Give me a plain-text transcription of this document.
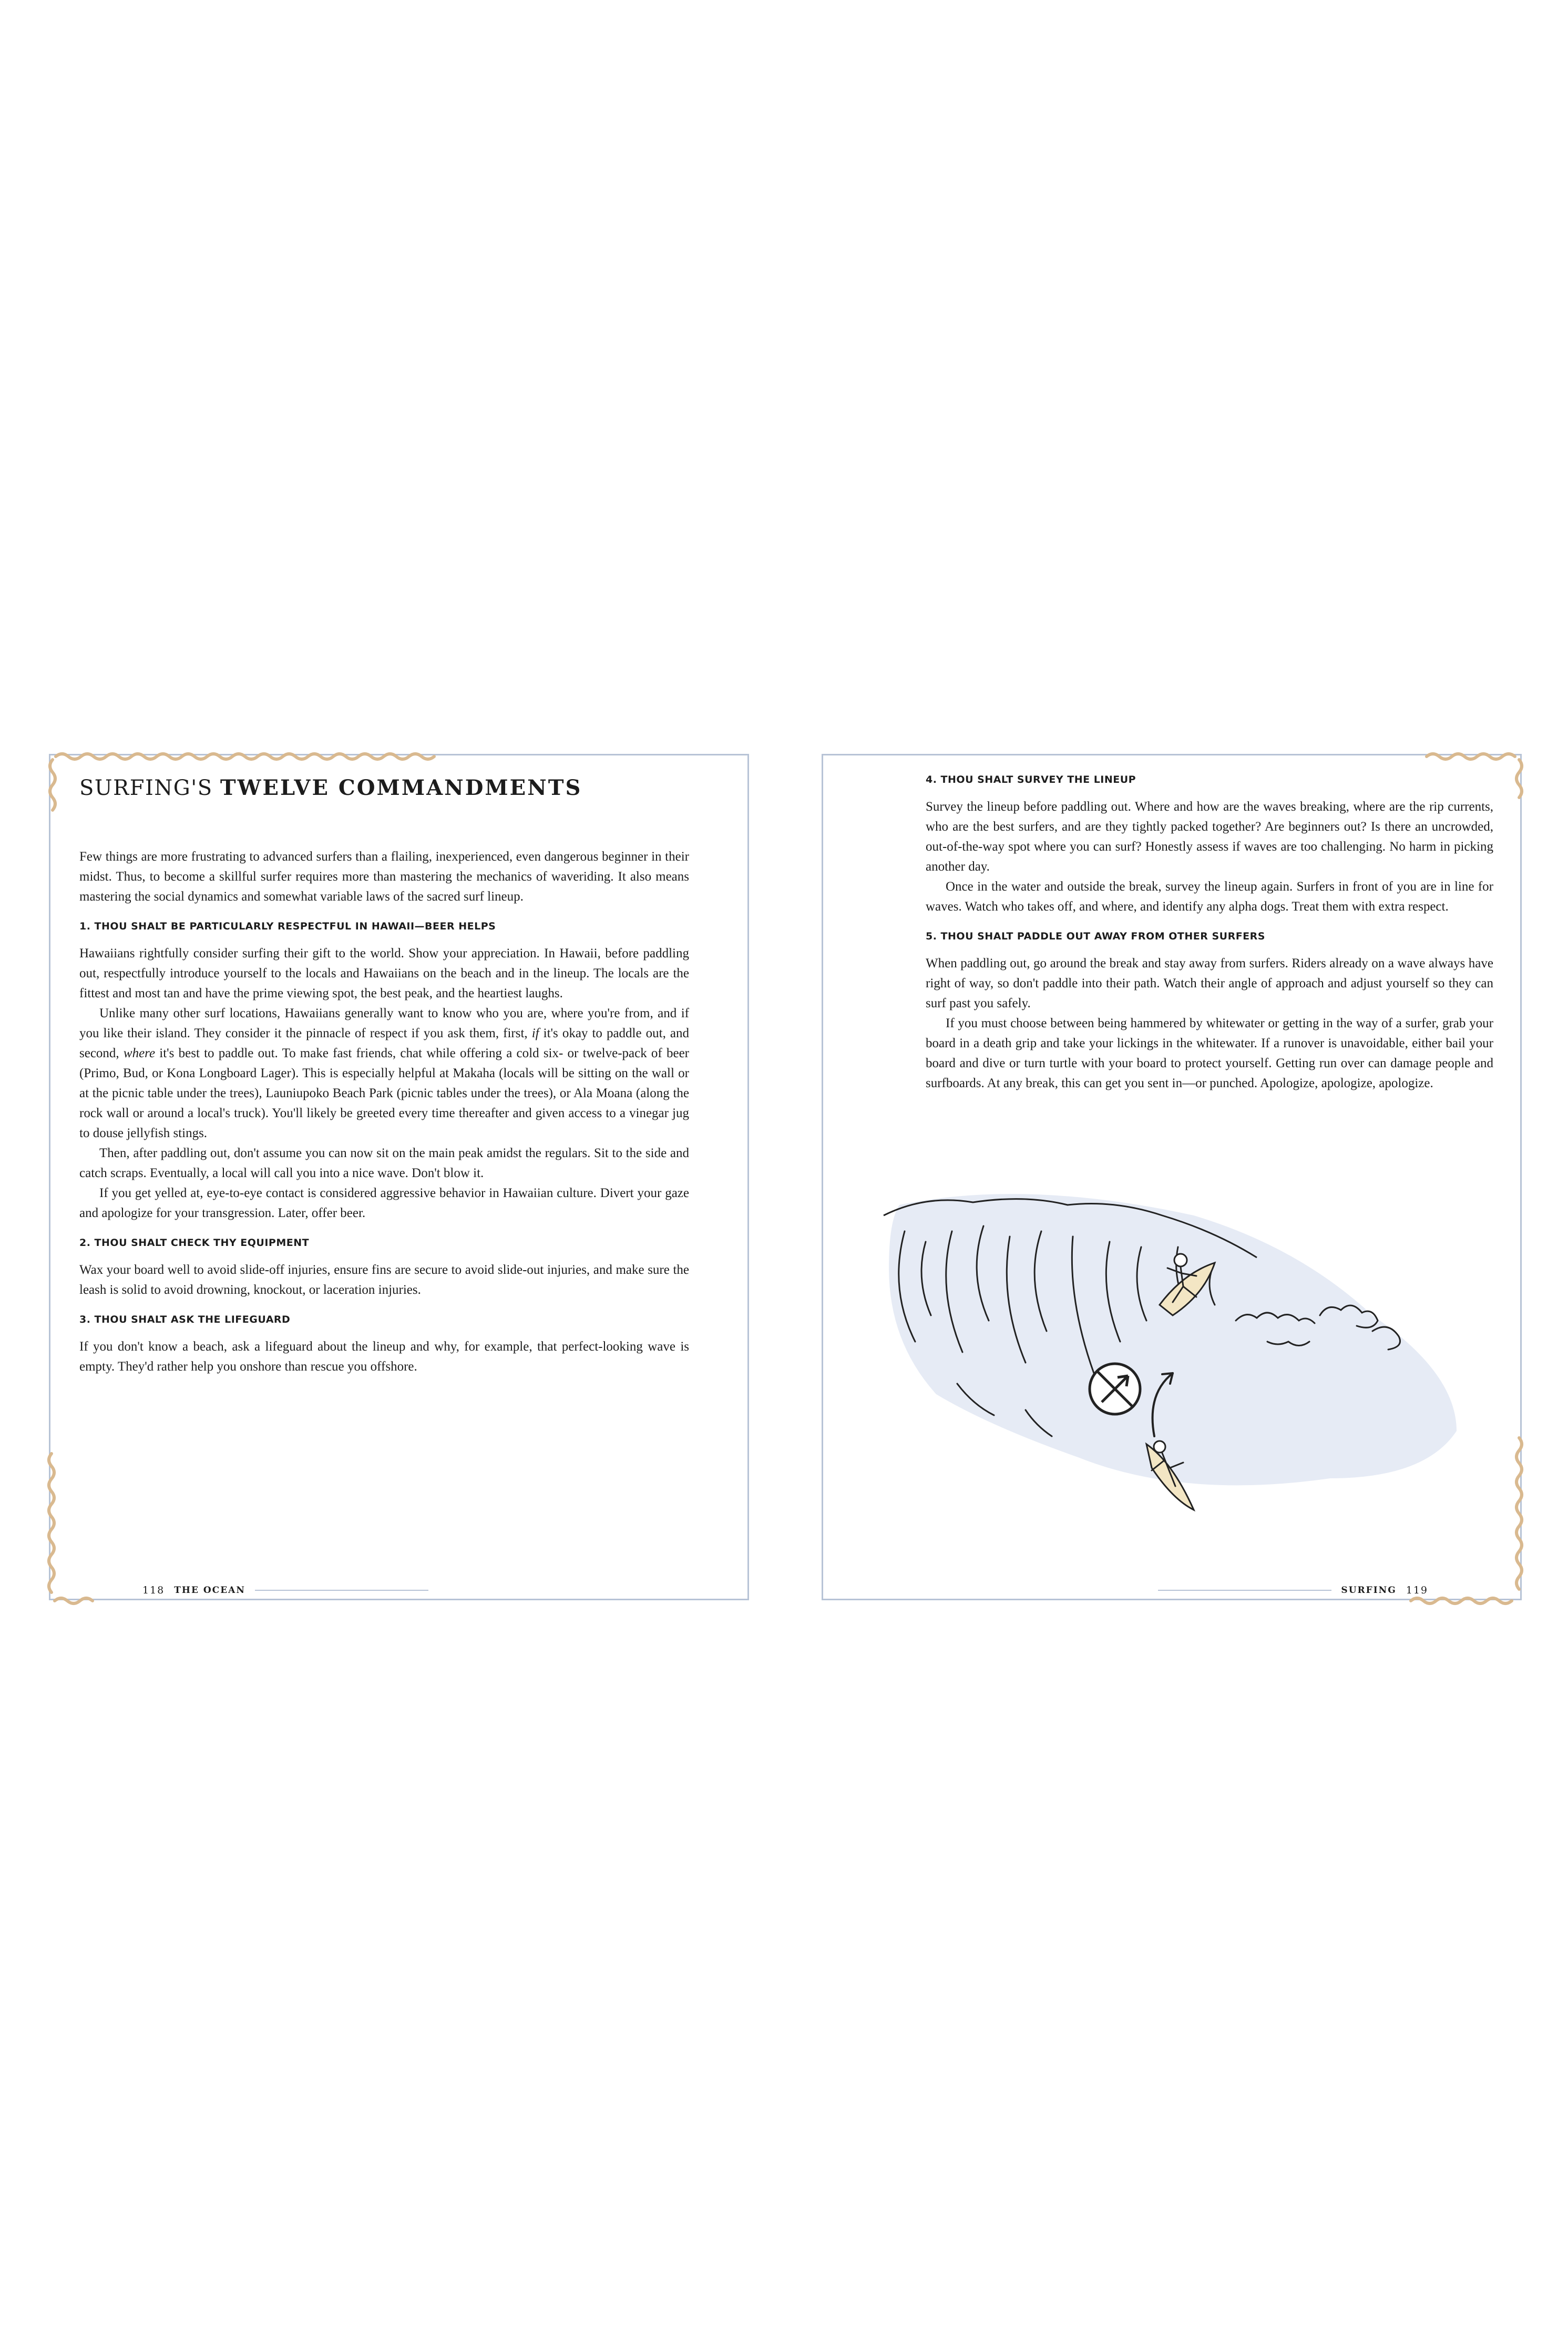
SURFING'S TWELVE COMMANDMENTS

Few things are more frustrating to advanced surfers than a flailing, inexperienced, even dangerous beginner in their midst. Thus, to become a skillful surfer requires more than mastering the mechanics of waveriding. It also means mastering the social dynamics and somewhat variable laws of the sacred surf lineup.

1. THOU SHALT BE PARTICULARLY RESPECTFUL IN HAWAII—BEER HELPS

Hawaiians rightfully consider surfing their gift to the world. Show your appreciation. In Hawaii, before paddling out, respectfully introduce yourself to the locals and Hawaiians on the beach and in the lineup. The locals are the fittest and most tan and have the prime viewing spot, the best peak, and the heartiest laughs.

Unlike many other surf locations, Hawaiians generally want to know who you are, where you're from, and if you like their island. They consider it the pinnacle of respect if you ask them, first, if it's okay to paddle out, and second, where it's best to paddle out. To make fast friends, chat while offering a cold six- or twelve-pack of beer (Primo, Bud, or Kona Longboard Lager). This is especially helpful at Makaha (locals will be sitting on the wall or at the picnic table under the trees), Launiupoko Beach Park (picnic tables under the trees), or Ala Moana (along the rock wall or around a local's truck). You'll likely be greeted every time thereafter and given access to a vinegar jug to douse jellyfish stings.

Then, after paddling out, don't assume you can now sit on the main peak amidst the regulars. Sit to the side and catch scraps. Eventually, a local will call you into a nice wave. Don't blow it.

If you get yelled at, eye-to-eye contact is considered aggressive behavior in Hawaiian culture. Divert your gaze and apologize for your transgression. Later, offer beer.

2. THOU SHALT CHECK THY EQUIPMENT

Wax your board well to avoid slide-off injuries, ensure fins are secure to avoid slide-out injuries, and make sure the leash is solid to avoid drowning, knockout, or laceration injuries.

3. THOU SHALT ASK THE LIFEGUARD

If you don't know a beach, ask a lifeguard about the lineup and why, for example, that perfect-looking wave is empty. They'd rather help you onshore than rescue you offshore.

118 THE OCEAN
4. THOU SHALT SURVEY THE LINEUP

Survey the lineup before paddling out. Where and how are the waves breaking, where are the rip currents, who are the best surfers, and are they tightly packed together? Are beginners out? Is there an uncrowded, out-of-the-way spot where you can surf? Honestly assess if waves are too challenging. No harm in picking another day.

Once in the water and outside the break, survey the lineup again. Surfers in front of you are in line for waves. Watch who takes off, and where, and identify any alpha dogs. Treat them with extra respect.

5. THOU SHALT PADDLE OUT AWAY FROM OTHER SURFERS

When paddling out, go around the break and stay away from surfers. Riders already on a wave always have right of way, so don't paddle into their path. Watch their angle of approach and adjust yourself so they can surf past you safely.

If you must choose between being hammered by whitewater or getting in the way of a surfer, grab your board in a death grip and take your lickings in the whitewater. If a runover is unavoidable, either bail your board and dive or turn turtle with your board to protect yourself. Getting run over can damage people and surfboards. At any break, this can get you sent in—or punched. Apologize, apologize, apologize.

SURFING 119
